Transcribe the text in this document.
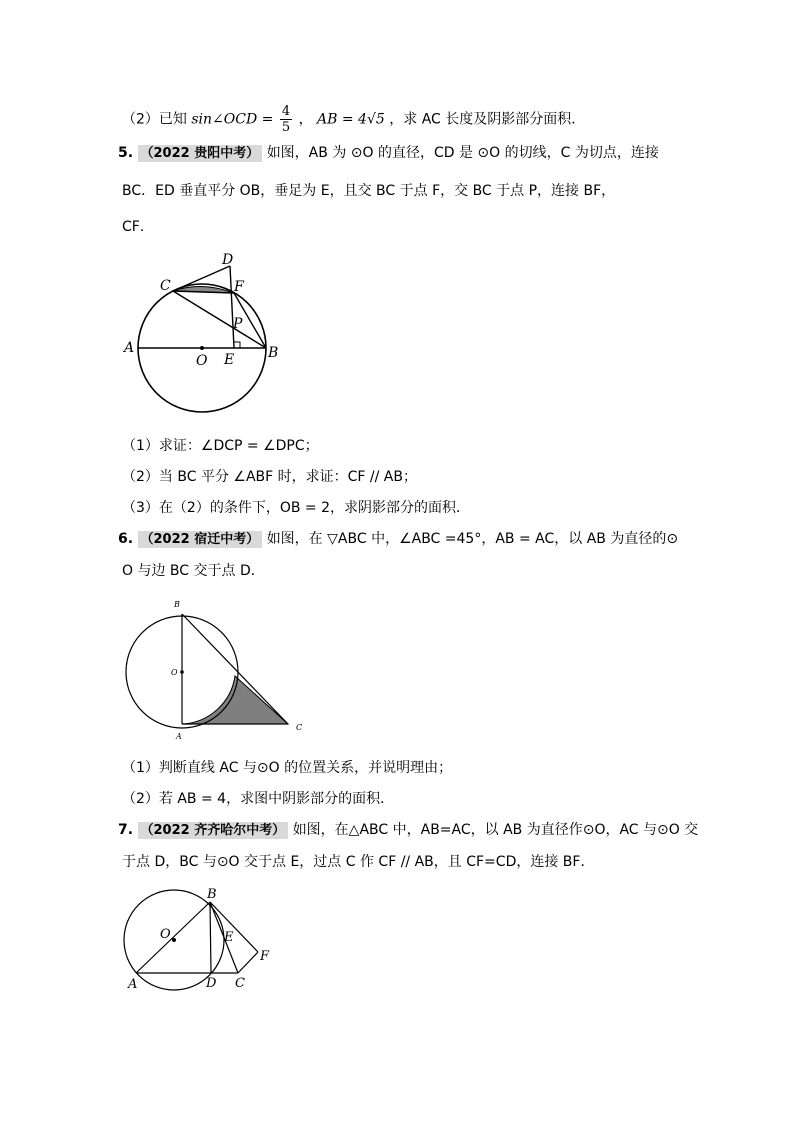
（2）已知 sin∠OCD = $\frac{4}{5}$ ， AB = 4√5 ，求 AC 长度及阴影部分面积．
5. （2022 贵阳中考） 如图，AB 为 ⊙O 的直径，CD 是 ⊙O 的切线，C 为切点，连接
BC．ED 垂直平分 OB，垂足为 E，且交 BC 于点 F，交 BC 于点 P，连接 BF，
CF．
A	B
C
D
E
F
O
P
（1）求证：∠DCP = ∠DPC；
（2）当 BC 平分 ∠ABF 时，求证：CF // AB；
（3）在（2）的条件下，OB = 2，求阴影部分的面积．
6. （2022 宿迁中考） 如图，在 ▽ABC 中，∠ABC =45°，AB = AC，以 AB 为直径的⊙
O 与边 BC 交于点 D．
B
O
A
C
（1）判断直线 AC 与⊙O 的位置关系，并说明理由；
（2）若 AB = 4，求图中阴影部分的面积．
7. （2022 齐齐哈尔中考） 如图，在△ABC 中，AB=AC，以 AB 为直径作⊙O，AC 与⊙O 交
于点 D，BC 与⊙O 交于点 E，过点 C 作 CF // AB，且 CF=CD，连接 BF．
A
B
C
D
E
F
O
